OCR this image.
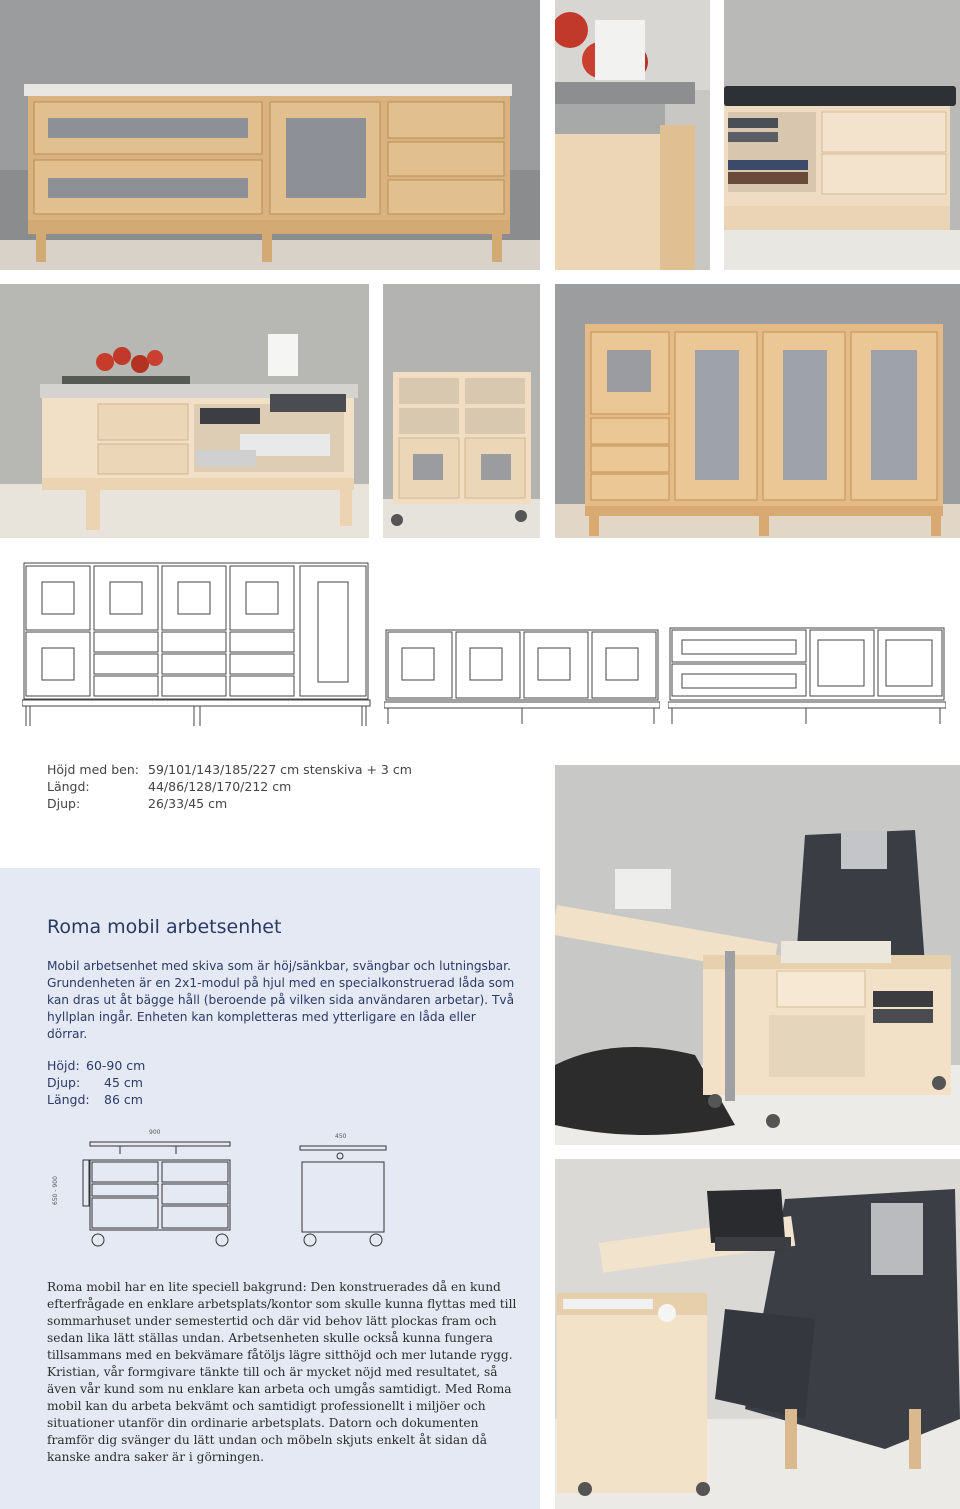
Höjd med ben: 59/101/143/185/227 cm stenskiva + 3 cm
Längd:	44/86/128/170/212 cm
Djup:	26/33/45 cm
Roma mobil arbetsenhet
Mobil arbetsenhet med skiva som är höj/sänkbar, svängbar och lutningsbar. Grundenheten är en 2x1-modul på hjul med en specialkonstruerad låda som kan dras ut åt bägge håll (beroende på vilken sida användaren arbetar). Två hyllplan ingår. Enheten kan kompletteras med ytterligare en låda eller dörrar.
Höjd: 60-90 cm
Djup: 45 cm
Längd: 86 cm
900
450
650 - 900
Roma mobil har en lite speciell bakgrund: Den konstruerades då en kund efterfrågade en enklare arbetsplats/kontor som skulle kunna flyttas med till sommarhuset under semestertid och där vid behov lätt plockas fram och sedan lika lätt ställas undan. Arbetsenheten skulle också kunna fungera tillsammans med en bekvämare fåtöljs lägre sitthöjd och mer lutande rygg. Kristian, vår formgivare tänkte till och är mycket nöjd med resultatet, så även vår kund som nu enklare kan arbeta och umgås samtidigt. Med Roma mobil kan du arbeta bekvämt och samtidigt professionellt i miljöer och situationer utanför din ordinarie arbetsplats. Datorn och dokumenten framför dig svänger du lätt undan och möbeln skjuts enkelt åt sidan då kanske andra saker är i görningen.
